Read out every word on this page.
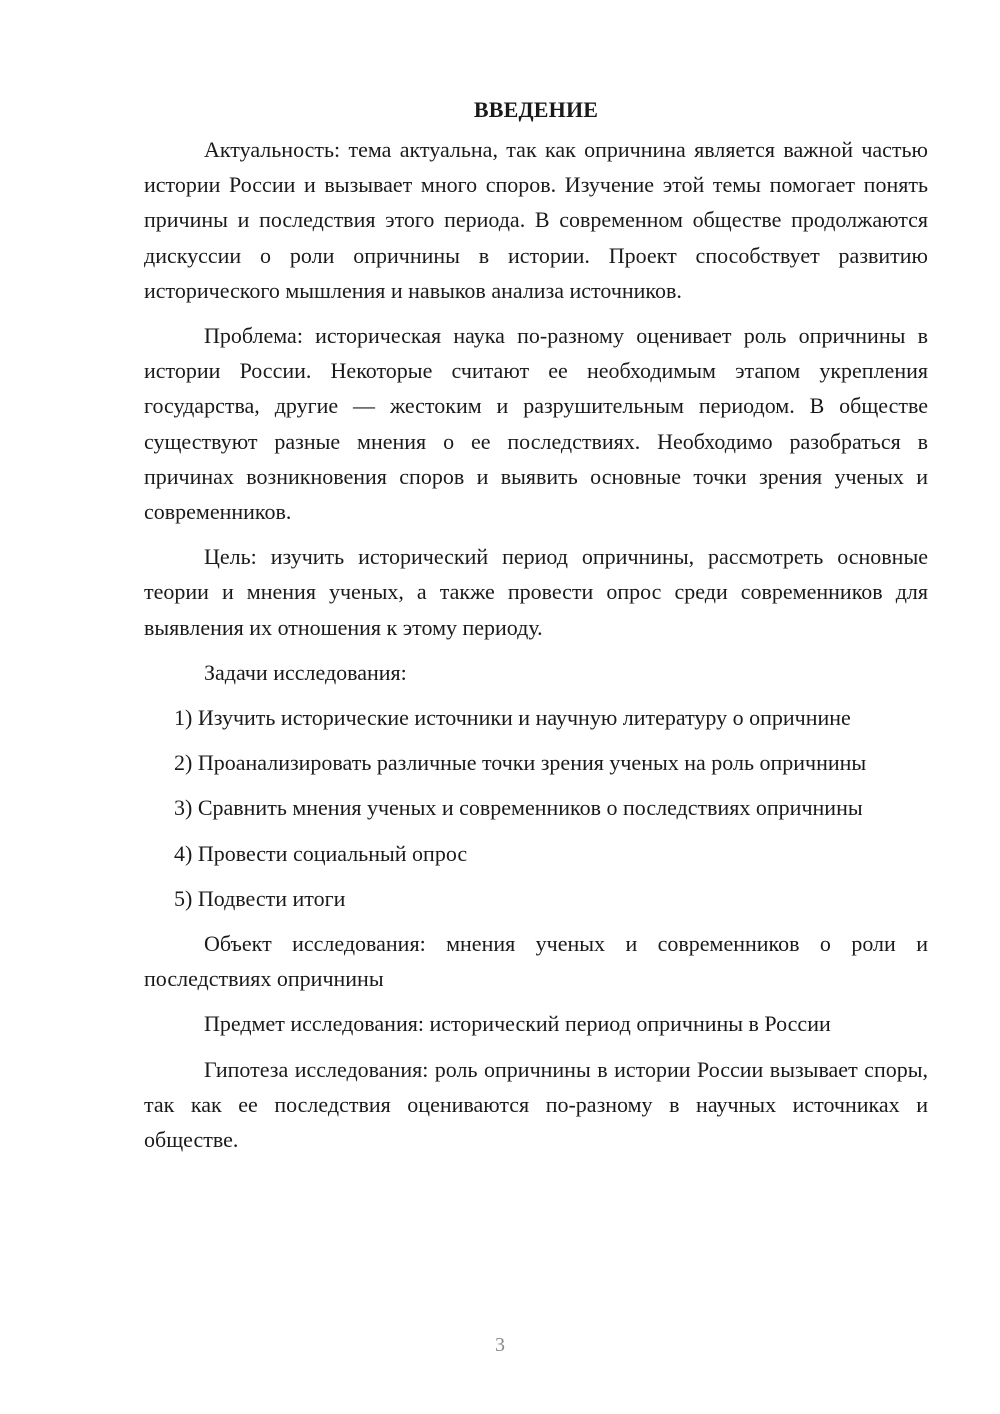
ВВЕДЕНИЕ

Актуальность: тема актуальна, так как опричнина является важной частью истории России и вызывает много споров. Изучение этой темы помогает понять причины и последствия этого периода. В современном обществе продолжаются дискуссии о роли опричнины в истории. Проект способствует развитию исторического мышления и навыков анализа источников.

Проблема: историческая наука по-разному оценивает роль опричнины в истории России. Некоторые считают ее необходимым этапом укрепления государства, другие — жестоким и разрушительным периодом. В обществе существуют разные мнения о ее последствиях. Необходимо разобраться в причинах возникновения споров и выявить основные точки зрения ученых и современников.

Цель: изучить исторический период опричнины, рассмотреть основные теории и мнения ученых, а также провести опрос среди современников для выявления их отношения к этому периоду.

Задачи исследования:

1) Изучить исторические источники и научную литературу о опричнине

2) Проанализировать различные точки зрения ученых на роль опричнины

3) Сравнить мнения ученых и современников о последствиях опричнины

4) Провести социальный опрос

5) Подвести итоги

Объект исследования: мнения ученых и современников о роли и последствиях опричнины

Предмет исследования: исторический период опричнины в России

Гипотеза исследования: роль опричнины в истории России вызывает споры, так как ее последствия оцениваются по-разному в научных источниках и обществе.

3
